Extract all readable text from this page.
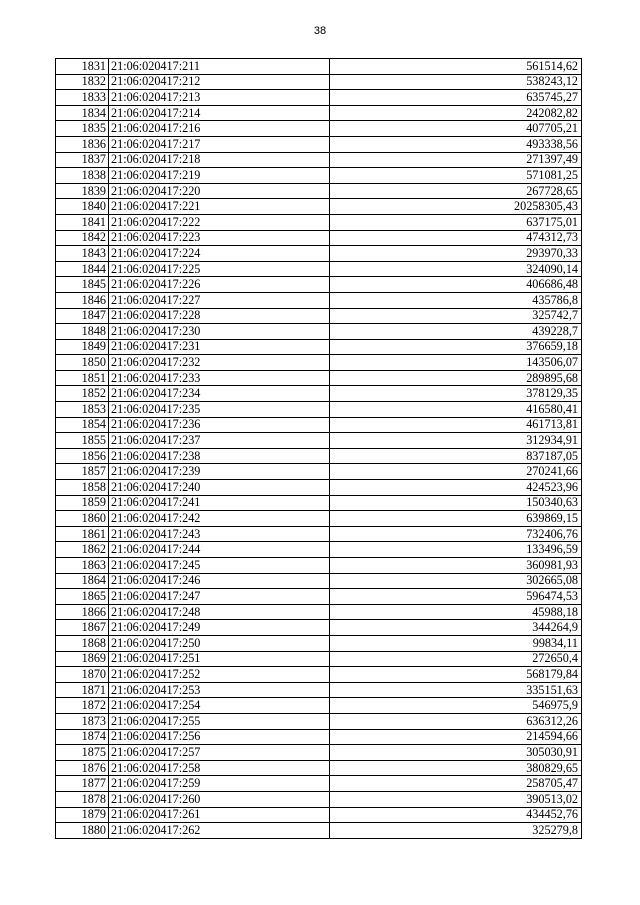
38
1831	21:06:020417:211	561514,62
1832	21:06:020417:212	538243,12
1833	21:06:020417:213	635745,27
1834	21:06:020417:214	242082,82
1835	21:06:020417:216	407705,21
1836	21:06:020417:217	493338,56
1837	21:06:020417:218	271397,49
1838	21:06:020417:219	571081,25
1839	21:06:020417:220	267728,65
1840	21:06:020417:221	20258305,43
1841	21:06:020417:222	637175,01
1842	21:06:020417:223	474312,73
1843	21:06:020417:224	293970,33
1844	21:06:020417:225	324090,14
1845	21:06:020417:226	406686,48
1846	21:06:020417:227	435786,8
1847	21:06:020417:228	325742,7
1848	21:06:020417:230	439228,7
1849	21:06:020417:231	376659,18
1850	21:06:020417:232	143506,07
1851	21:06:020417:233	289895,68
1852	21:06:020417:234	378129,35
1853	21:06:020417:235	416580,41
1854	21:06:020417:236	461713,81
1855	21:06:020417:237	312934,91
1856	21:06:020417:238	837187,05
1857	21:06:020417:239	270241,66
1858	21:06:020417:240	424523,96
1859	21:06:020417:241	150340,63
1860	21:06:020417:242	639869,15
1861	21:06:020417:243	732406,76
1862	21:06:020417:244	133496,59
1863	21:06:020417:245	360981,93
1864	21:06:020417:246	302665,08
1865	21:06:020417:247	596474,53
1866	21:06:020417:248	45988,18
1867	21:06:020417:249	344264,9
1868	21:06:020417:250	99834,11
1869	21:06:020417:251	272650,4
1870	21:06:020417:252	568179,84
1871	21:06:020417:253	335151,63
1872	21:06:020417:254	546975,9
1873	21:06:020417:255	636312,26
1874	21:06:020417:256	214594,66
1875	21:06:020417:257	305030,91
1876	21:06:020417:258	380829,65
1877	21:06:020417:259	258705,47
1878	21:06:020417:260	390513,02
1879	21:06:020417:261	434452,76
1880	21:06:020417:262	325279,8
